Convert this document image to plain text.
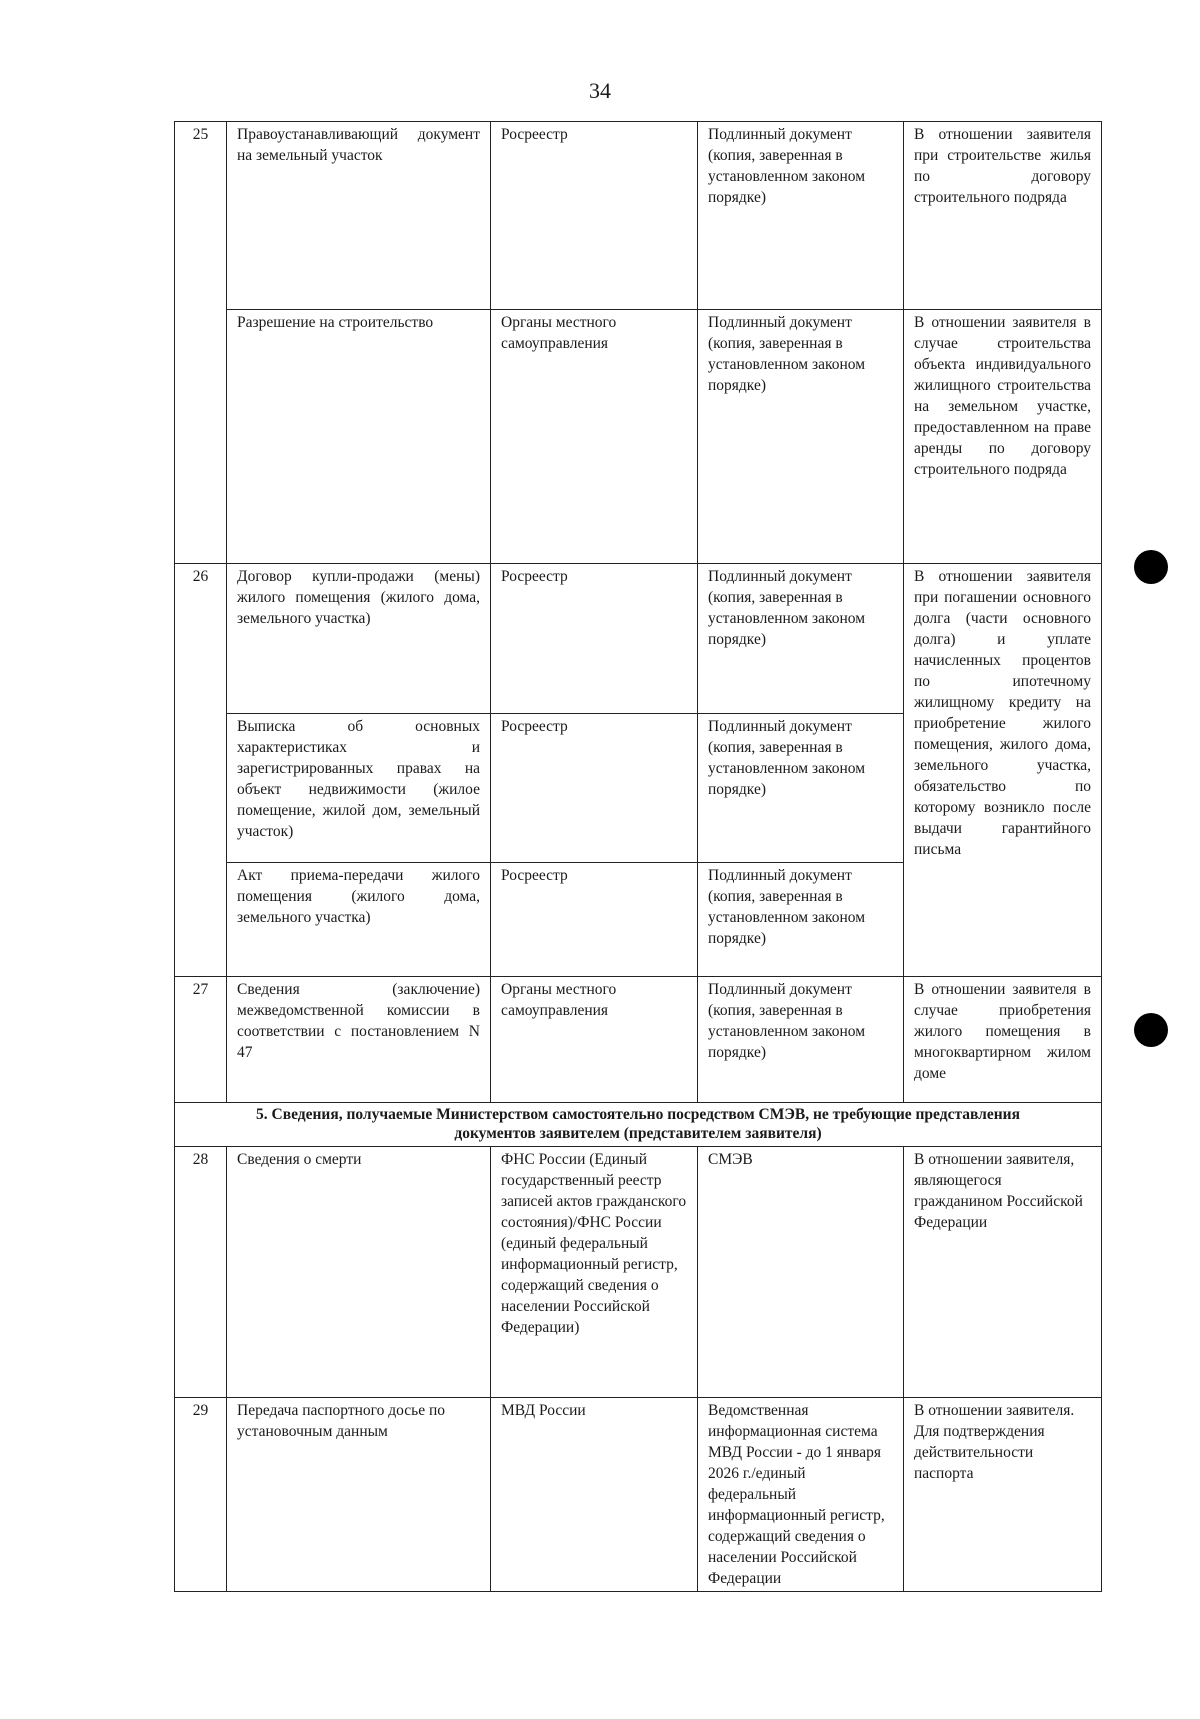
34
25	Правоустанавливающий документ на земельный участок	Росреестр	Подлинный документ (копия, заверенная в установленном законом порядке)	В отношении заявителя при строительстве жилья по договору строительного подряда
	Разрешение на строительство	Органы местного самоуправления	Подлинный документ (копия, заверенная в установленном законом порядке)	В отношении заявителя в случае строительства объекта индивидуального жилищного строительства на земельном участке, предоставленном на праве аренды по договору строительного подряда
26	Договор купли-продажи (мены) жилого помещения (жилого дома, земельного участка)	Росреестр	Подлинный документ (копия, заверенная в установленном законом порядке)	В отношении заявителя при погашении основного долга (части основного долга) и уплате начисленных процентов по ипотечному жилищному кредиту на приобретение жилого помещения, жилого дома, земельного участка, обязательство по которому возникло после выдачи гарантийного письма
	Выписка об основных характеристиках и зарегистрированных правах на объект недвижимости (жилое помещение, жилой дом, земельный участок)	Росреестр	Подлинный документ (копия, заверенная в установленном законом порядке)	
	Акт приема-передачи жилого помещения (жилого дома, земельного участка)	Росреестр	Подлинный документ (копия, заверенная в установленном законом порядке)	
27	Сведения (заключение) межведомственной комиссии в соответствии с постановлением N 47	Органы местного самоуправления	Подлинный документ (копия, заверенная в установленном законом порядке)	В отношении заявителя в случае приобретения жилого помещения в многоквартирном жилом доме

5. Сведения, получаемые Министерством самостоятельно посредством СМЭВ, не требующие представления
документов заявителем (представителем заявителя)				

28	Сведения о смерти	ФНС России (Единый государственный реестр записей актов гражданского состояния)/ФНС России (единый федеральный информационный регистр, содержащий сведения о населении Российской Федерации)	СМЭВ	В отношении заявителя, являющегося гражданином Российской Федерации
29	Передача паспортного досье по установочным данным	МВД России	Ведомственная информационная система МВД России - до 1 января 2026 г./единый федеральный информационный регистр, содержащий сведения о населении Российской Федерации	В отношении заявителя. Для подтверждения действительности паспорта
